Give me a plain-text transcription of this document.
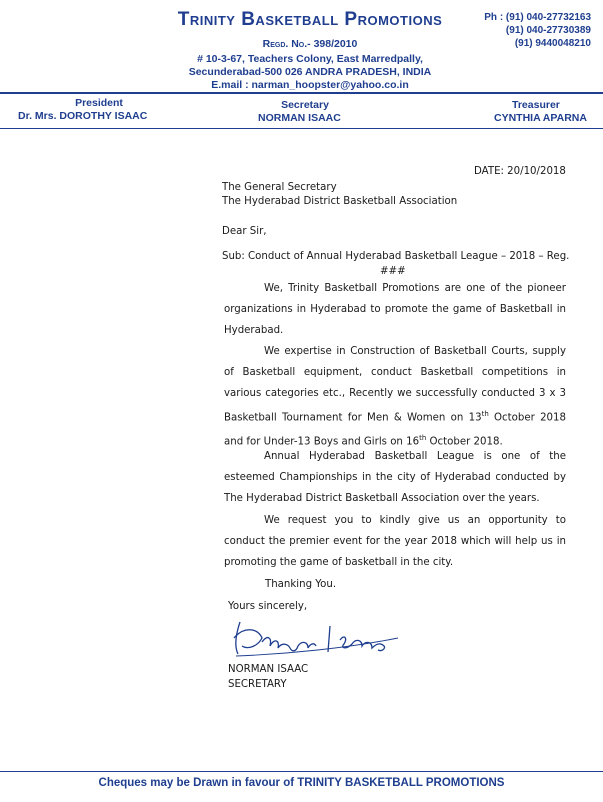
Trinity Basketball Promotions
Regd. No.- 398/2010
# 10-3-67, Teachers Colony, East Marredpally,
Secunderabad-500 026 ANDRA PRADESH, INDIA
E.mail : narman_hoopster@yahoo.co.in
Ph : (91) 040-27732163
(91) 040-27730389
(91) 9440048210
President
Dr. Mrs. DOROTHY ISAAC
Secretary
NORMAN ISAAC
Treasurer
CYNTHIA APARNA
DATE: 20/10/2018
The General Secretary
The Hyderabad District Basketball Association
Dear Sir,
Sub: Conduct of Annual Hyderabad Basketball League – 2018 – Reg.
###
We, Trinity Basketball Promotions are one of the pioneer organizations in Hyderabad to promote the game of Basketball in Hyderabad.
We expertise in Construction of Basketball Courts, supply of Basketball equipment, conduct Basketball competitions in various categories etc., Recently we successfully conducted 3 x 3 Basketball Tournament for Men & Women on 13th October 2018 and for Under-13 Boys and Girls on 16th October 2018.
Annual Hyderabad Basketball League is one of the esteemed Championships in the city of Hyderabad conducted by The Hyderabad District Basketball Association over the years.
We request you to kindly give us an opportunity to conduct the premier event for the year 2018 which will help us in promoting the game of basketball in the city.
Thanking You.
Yours sincerely,
NORMAN ISAAC
SECRETARY
Cheques may be Drawn in favour of TRINITY BASKETBALL PROMOTIONS
